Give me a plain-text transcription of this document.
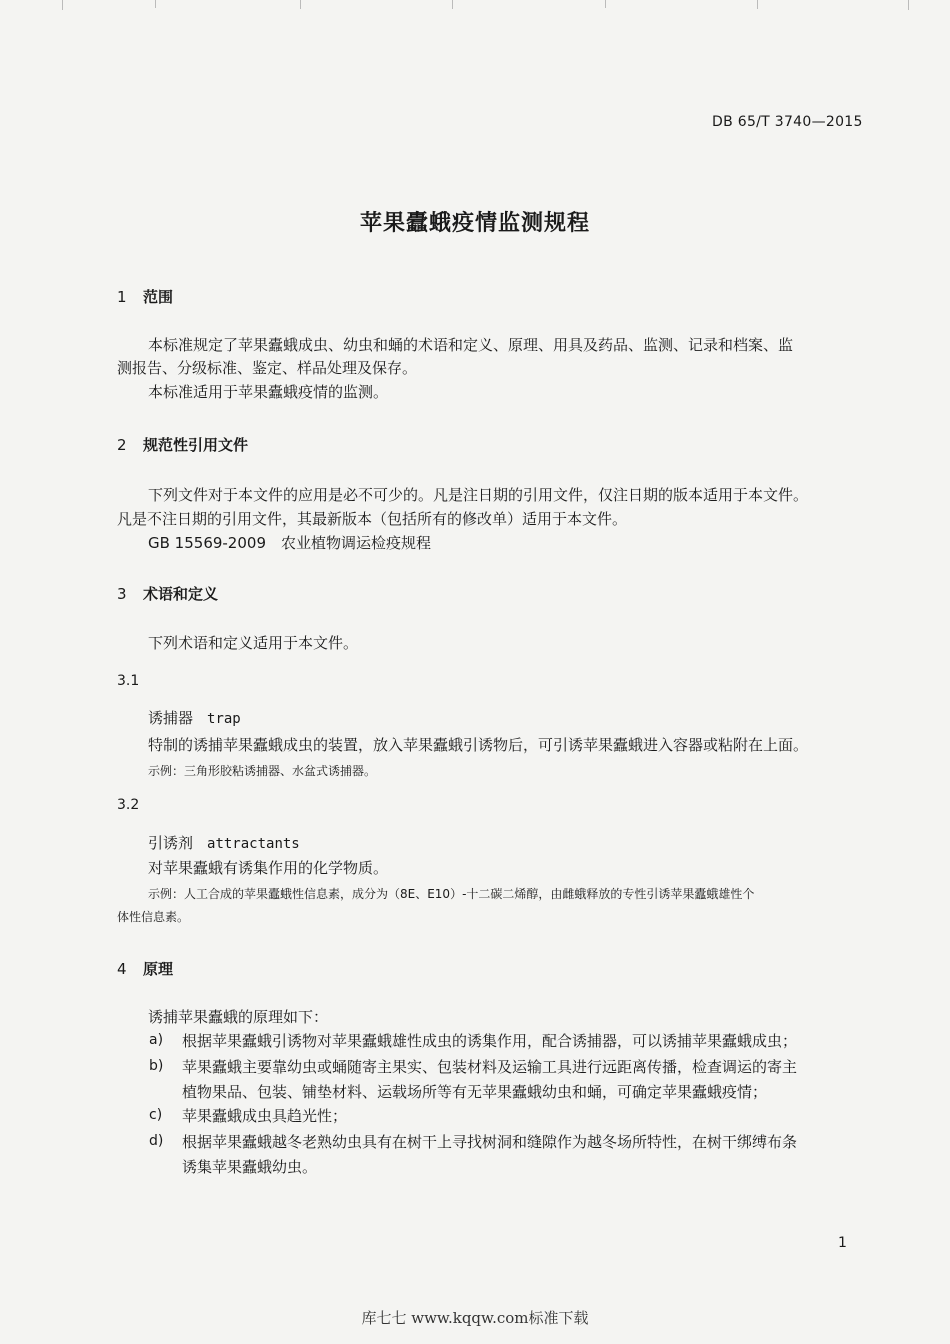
DB 65/T 3740—2015
苹果蠹蛾疫情监测规程
1 范围
本标准规定了苹果蠹蛾成虫、幼虫和蛹的术语和定义、原理、用具及药品、监测、记录和档案、监
测报告、分级标准、鉴定、样品处理及保存。
本标准适用于苹果蠹蛾疫情的监测。
2 规范性引用文件
下列文件对于本文件的应用是必不可少的。凡是注日期的引用文件，仅注日期的版本适用于本文件。
凡是不注日期的引用文件，其最新版本（包括所有的修改单）适用于本文件。
GB 15569-2009　农业植物调运检疫规程
3 术语和定义
下列术语和定义适用于本文件。
3.1
诱捕器 trap
特制的诱捕苹果蠹蛾成虫的装置，放入苹果蠹蛾引诱物后，可引诱苹果蠹蛾进入容器或粘附在上面。
示例：三角形胶粘诱捕器、水盆式诱捕器。
3.2
引诱剂 attractants
对苹果蠹蛾有诱集作用的化学物质。
示例：人工合成的苹果蠹蛾性信息素，成分为（8E、E10）-十二碳二烯醇，由雌蛾释放的专性引诱苹果蠹蛾雄性个
体性信息素。
4 原理
诱捕苹果蠹蛾的原理如下：
a) 根据苹果蠹蛾引诱物对苹果蠹蛾雄性成虫的诱集作用，配合诱捕器，可以诱捕苹果蠹蛾成虫；
b) 苹果蠹蛾主要靠幼虫或蛹随寄主果实、包装材料及运输工具进行远距离传播，检查调运的寄主
植物果品、包装、铺垫材料、运载场所等有无苹果蠹蛾幼虫和蛹，可确定苹果蠹蛾疫情；
c) 苹果蠹蛾成虫具趋光性；
d) 根据苹果蠹蛾越冬老熟幼虫具有在树干上寻找树洞和缝隙作为越冬场所特性，在树干绑缚布条
诱集苹果蠹蛾幼虫。
1
库七七 www.kqqw.com标准下载
